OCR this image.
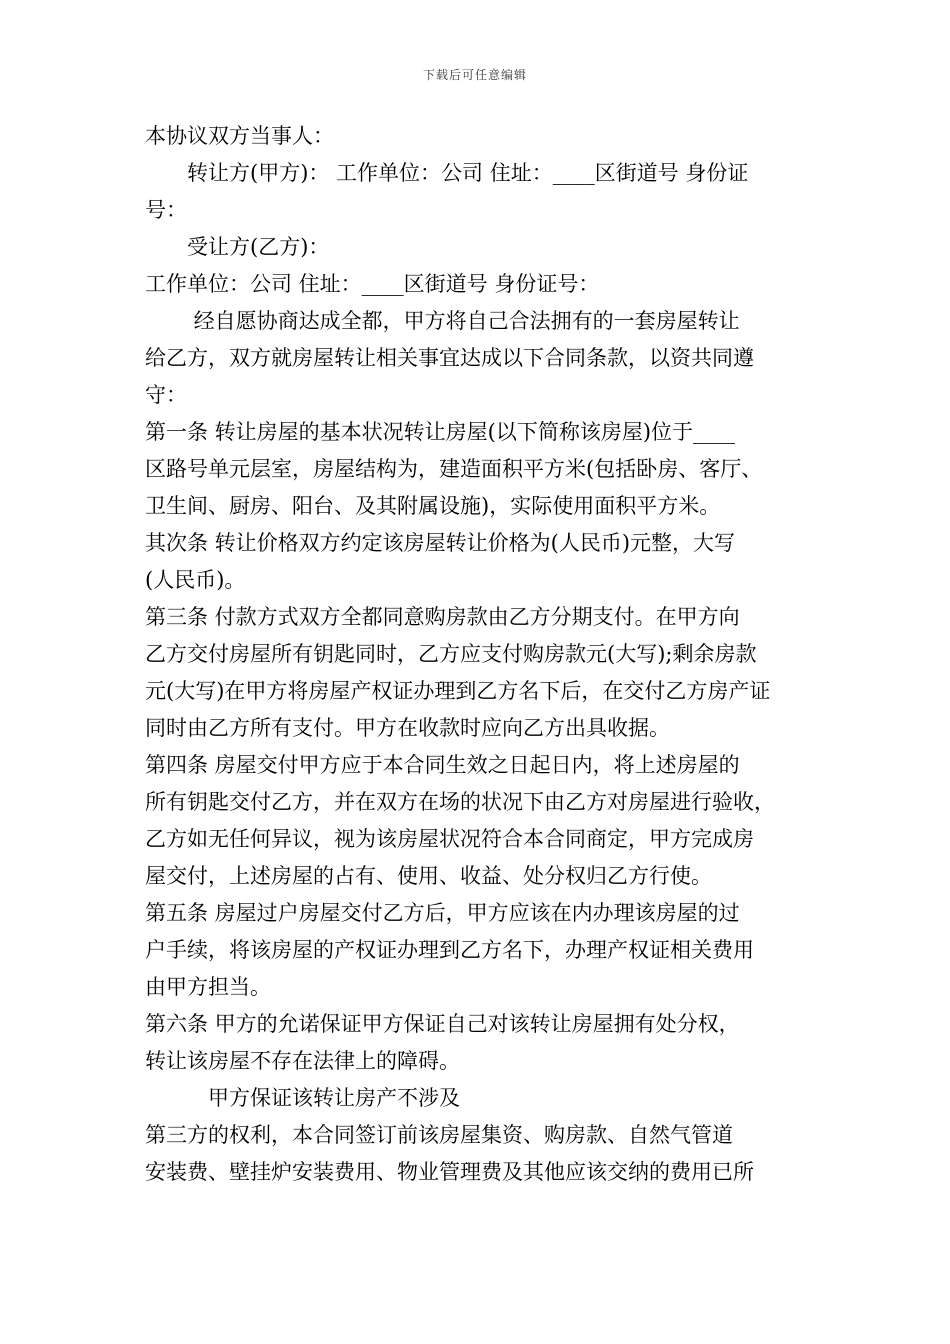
下载后可任意编辑
本协议双方当事人：
　　转让方(甲方)： 工作单位：公司 住址：____区街道号 身份证
号：
　　受让方(乙方)：
工作单位：公司 住址：____区街道号 身份证号：
　　 经自愿协商达成全都，甲方将自己合法拥有的一套房屋转让
给乙方，双方就房屋转让相关事宜达成以下合同条款，以资共同遵
守：
第一条 转让房屋的基本状况转让房屋(以下简称该房屋)位于____
区路号单元层室，房屋结构为，建造面积平方米(包括卧房、客厅、
卫生间、厨房、阳台、及其附属设施)，实际使用面积平方米。
其次条 转让价格双方约定该房屋转让价格为(人民币)元整，大写
(人民币)。
第三条 付款方式双方全都同意购房款由乙方分期支付。在甲方向
乙方交付房屋所有钥匙同时，乙方应支付购房款元(大写);剩余房款
元(大写)在甲方将房屋产权证办理到乙方名下后，在交付乙方房产证
同时由乙方所有支付。甲方在收款时应向乙方出具收据。
第四条 房屋交付甲方应于本合同生效之日起日内，将上述房屋的
所有钥匙交付乙方，并在双方在场的状况下由乙方对房屋进行验收，
乙方如无任何异议，视为该房屋状况符合本合同商定，甲方完成房
屋交付，上述房屋的占有、使用、收益、处分权归乙方行使。
第五条 房屋过户房屋交付乙方后，甲方应该在内办理该房屋的过
户手续，将该房屋的产权证办理到乙方名下，办理产权证相关费用
由甲方担当。
第六条 甲方的允诺保证甲方保证自己对该转让房屋拥有处分权，
转让该房屋不存在法律上的障碍。
　　　甲方保证该转让房产不涉及
第三方的权利，本合同签订前该房屋集资、购房款、自然气管道
安装费、壁挂炉安装费用、物业管理费及其他应该交纳的费用已所
